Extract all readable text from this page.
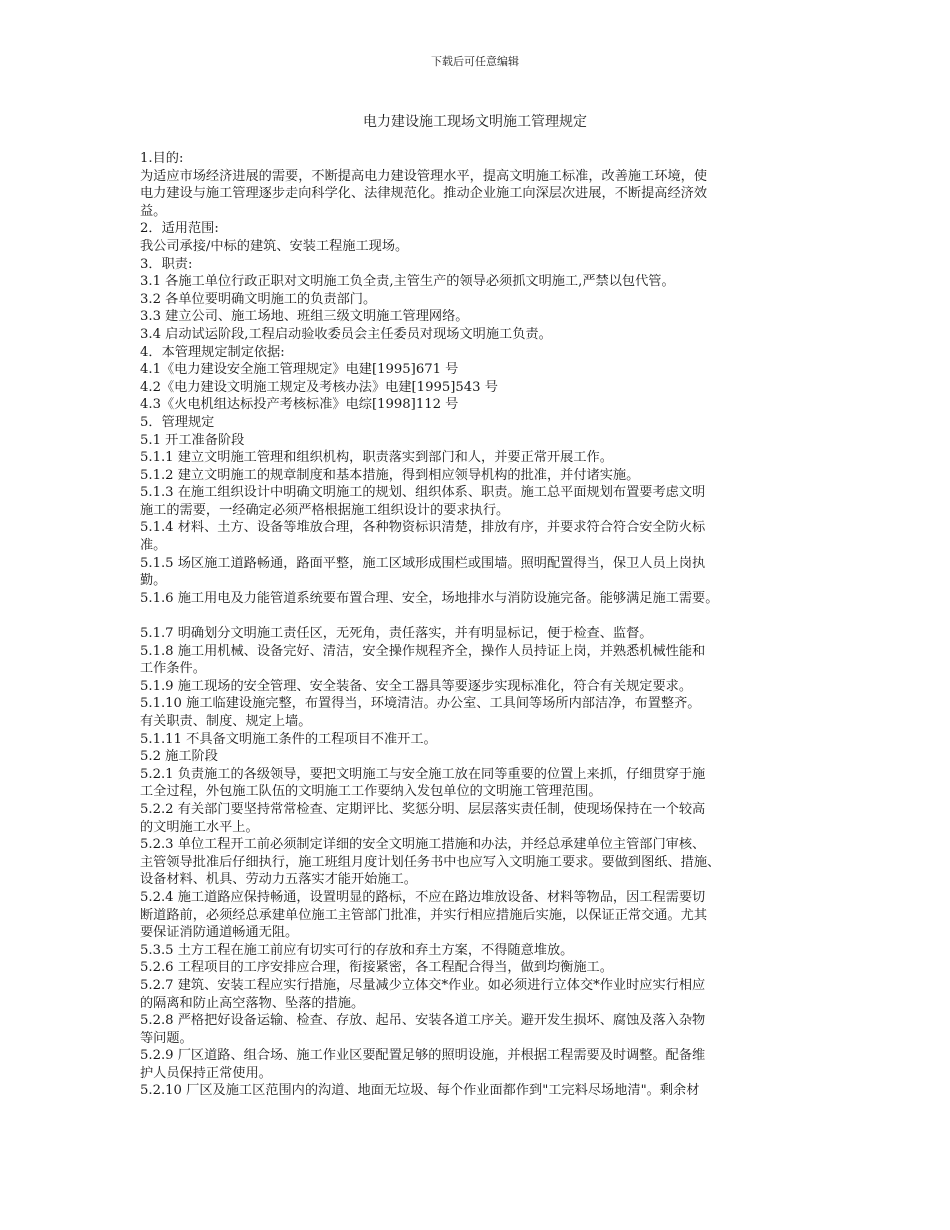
下载后可任意编辑
电力建设施工现场文明施工管理规定
1.目的:
为适应市场经济进展的需要，不断提高电力建设管理水平，提高文明施工标准，改善施工环境，使
电力建设与施工管理逐步走向科学化、法律规范化。推动企业施工向深层次进展，不断提高经济效
益。
2．适用范围:
我公司承接/中标的建筑、安装工程施工现场。
3．职责:
3.1 各施工单位行政正职对文明施工负全责,主管生产的领导必须抓文明施工,严禁以包代管。
3.2 各单位要明确文明施工的负责部门。
3.3 建立公司、施工场地、班组三级文明施工管理网络。
3.4 启动试运阶段,工程启动验收委员会主任委员对现场文明施工负责。
4．本管理规定制定依据:
4.1《电力建设安全施工管理规定》电建[1995]671 号
4.2《电力建设文明施工规定及考核办法》电建[1995]543 号
4.3《火电机组达标投产考核标准》电综[1998]112 号
5．管理规定
5.1 开工准备阶段
5.1.1 建立文明施工管理和组织机构，职责落实到部门和人，并要正常开展工作。
5.1.2 建立文明施工的规章制度和基本措施，得到相应领导机构的批准，并付诸实施。
5.1.3 在施工组织设计中明确文明施工的规划、组织体系、职责。施工总平面规划布置要考虑文明
施工的需要，一经确定必须严格根据施工组织设计的要求执行。
5.1.4 材料、土方、设备等堆放合理，各种物资标识清楚，排放有序，并要求符合符合安全防火标
准。
5.1.5 场区施工道路畅通，路面平整，施工区域形成围栏或围墙。照明配置得当，保卫人员上岗执
勤。
5.1.6 施工用电及力能管道系统要布置合理、安全，场地排水与消防设施完备。能够满足施工需要。
5.1.7 明确划分文明施工责任区，无死角，责任落实，并有明显标记，便于检查、监督。
5.1.8 施工用机械、设备完好、清洁，安全操作规程齐全，操作人员持证上岗，并熟悉机械性能和
工作条件。
5.1.9 施工现场的安全管理、安全装备、安全工器具等要逐步实现标准化，符合有关规定要求。
5.1.10 施工临建设施完整，布置得当，环境清洁。办公室、工具间等场所内部洁净，布置整齐。
有关职责、制度、规定上墙。
5.1.11 不具备文明施工条件的工程项目不准开工。
5.2 施工阶段
5.2.1 负责施工的各级领导，要把文明施工与安全施工放在同等重要的位置上来抓，仔细贯穿于施
工全过程，外包施工队伍的文明施工工作要纳入发包单位的文明施工管理范围。
5.2.2 有关部门要坚持常常检查、定期评比、奖惩分明、层层落实责任制，使现场保持在一个较高
的文明施工水平上。
5.2.3 单位工程开工前必须制定详细的安全文明施工措施和办法，并经总承建单位主管部门审核、
主管领导批准后仔细执行，施工班组月度计划任务书中也应写入文明施工要求。要做到图纸、措施、
设备材料、机具、劳动力五落实才能开始施工。
5.2.4 施工道路应保持畅通，设置明显的路标，不应在路边堆放设备、材料等物品，因工程需要切
断道路前，必须经总承建单位施工主管部门批准，并实行相应措施后实施，以保证正常交通。尤其
要保证消防通道畅通无阻。
5.3.5 土方工程在施工前应有切实可行的存放和弃土方案，不得随意堆放。
5.2.6 工程项目的工序安排应合理，衔接紧密，各工程配合得当，做到均衡施工。
5.2.7 建筑、安装工程应实行措施，尽量减少立体交*作业。如必须进行立体交*作业时应实行相应
的隔离和防止高空落物、坠落的措施。
5.2.8 严格把好设备运输、检查、存放、起吊、安装各道工序关。避开发生损坏、腐蚀及落入杂物
等问题。
5.2.9 厂区道路、组合场、施工作业区要配置足够的照明设施，并根据工程需要及时调整。配备维
护人员保持正常使用。
5.2.10 厂区及施工区范围内的沟道、地面无垃圾、每个作业面都作到"工完料尽场地清"。剩余材
